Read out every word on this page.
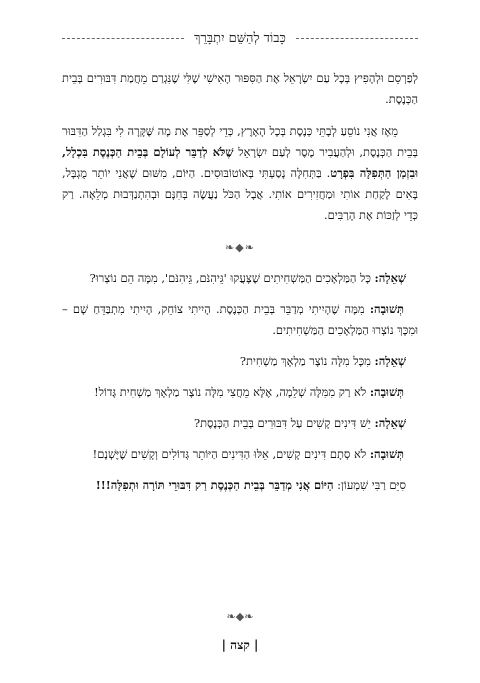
כָּבוֹד לְהַשֵּׁם יִתְבָּרֵךְ

לְפַרְסֵם וּלְהָפִיץ בְּכָל עַם יִשְׂרָאֵל אֶת הַסִּפּוּר הָאִישִׁי שֶׁלִּי שֶׁנִּגְרַם מֵחֲמַת דִּבּוּרִים בְּבֵית הַכְּנֶסֶת.

מֵאָז אֲנִי נוֹסֵעַ לְבָתֵּי כְּנֶסֶת בְּכָל הָאָרֶץ, כְּדֵי לְסַפֵּר אֶת מָה שֶּׁקָּרָה לִי בִּגְלַל הַדִּבּוּר בְּבֵית הַכְּנֶסֶת, וּלְהַעֲבִיר מֶסֶר לְעַם יִשְׂרָאֵל שֶׁלֹּא לְדַבֵּר לְעוֹלָם בְּבֵית הַכְּנֶסֶת בִּכְלָל, וּבִזְמַן הַתְּפִלָּה בִּפְרָט. בַּתְּחִלָּה נָסַעְתִּי בְּאוֹטוֹבּוּסִים. הַיּוֹם, מִשּׁוּם שֶׁאֲנִי יוֹתֵר מֻגְבָּל, בָּאִים לָקַחַת אוֹתִי וּמַחֲזִירִים אוֹתִי. אֲבָל הַכֹּל נַעֲשֶׂה בְּחִנָּם וּבְהִתְנַדְּבוּת מְלֵאָה. רַק כְּדֵי לְזַכּוֹת אֶת הָרַבִּים.

❧◆❧

שְׁאֵלָה: כָּל הַמַּלְאָכִים הַמַּשְׁחִיתִים שֶׁצָּעֲקוּ 'גֵּיהִנֹּם, גֵּיהִנֹּם', מִמָּה הֵם נוֹצְרוּ?

תְּשׁוּבָה: מִמָּה שֶׁהָיִיתִי מְדַבֵּר בְּבֵית הַכְּנֶסֶת. הָיִיתִי צוֹחֵק, הָיִיתִי מִתְבַּדֵּחַ שָׁם – וּמִכָּךְ נוֹצְרוּ הַמַּלְאָכִים הַמַּשְׁחִיתִים.

שְׁאֵלָה: מִכָּל מִלָּה נוֹצָר מַלְאָךְ מַשְׁחִית?

תְּשׁוּבָה: לֹא רַק מִמִּלָּה שְׁלֵמָה, אֶלָּא מֵחֲצִי מִלָּה נוֹצָר מַלְאָךְ מַשְׁחִית גָּדוֹל!

שְׁאֵלָה: יֵשׁ דִּינִים קָשִׁים עַל דִּבּוּרִים בְּבֵית הַכְּנֶסֶת?

תְּשׁוּבָה: לֹא סְתָם דִּינִים קָשִׁים, אֵלּוּ הַדִּינִים הַיּוֹתֵר גְּדוֹלִים וְקָשִׁים שֶׁיֶּשְׁנָם!

סִיֵּם רַבִּי שִׁמְעוֹן: הַיּוֹם אֲנִי מְדַבֵּר בְּבֵית הַכְּנֶסֶת רַק דִּבּוּרֵי תּוֹרָה וּתְפִלָּה!!!

❧◆❧
| קצה |
